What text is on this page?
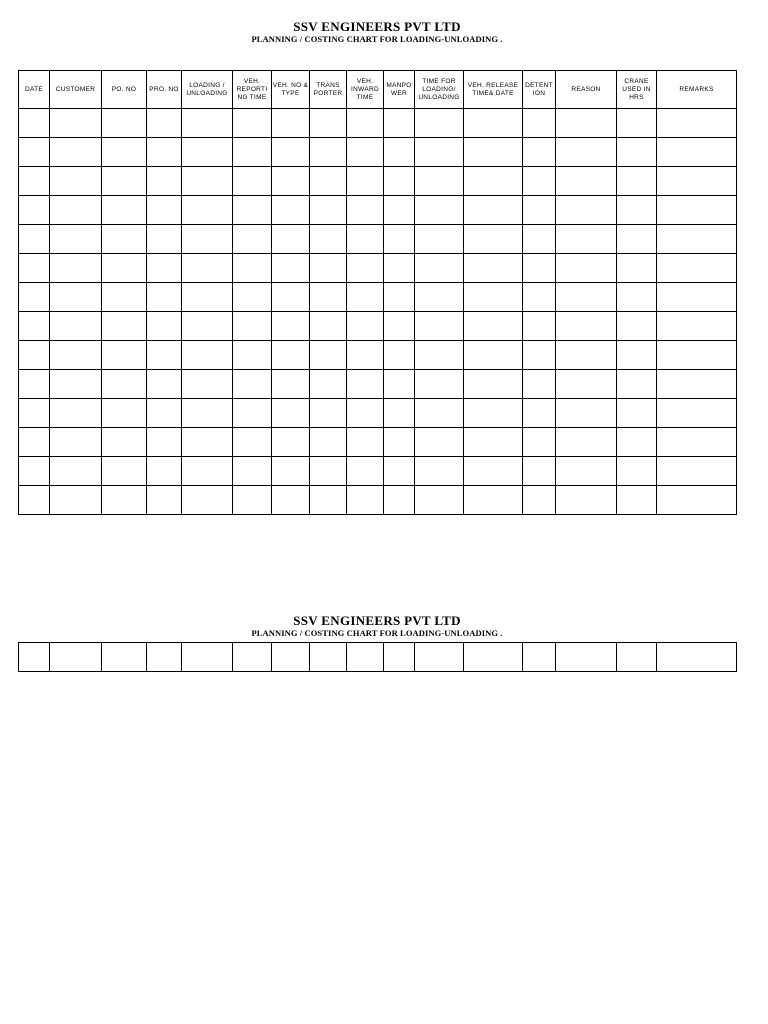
SSV ENGINEERS PVT LTD
PLANNING / COSTING CHART FOR LOADING-UNLOADING .
DATE	CUSTOMER	PO. NO	PRO. NO	LOADING / UNLOADING	VEH. REPORTI NG TIME	VEH. NO & TYPE	TRANS PORTER	VEH. INWARD TIME	MANPO WER	TIME FOR LOADING/ UNLOADING	VEH. RELEASE TIME& DATE	DETENT ION	REASON	CRANE USED IN HRS	REMARKS

SSV ENGINEERS PVT LTD
PLANNING / COSTING CHART FOR LOADING-UNLOADING .
